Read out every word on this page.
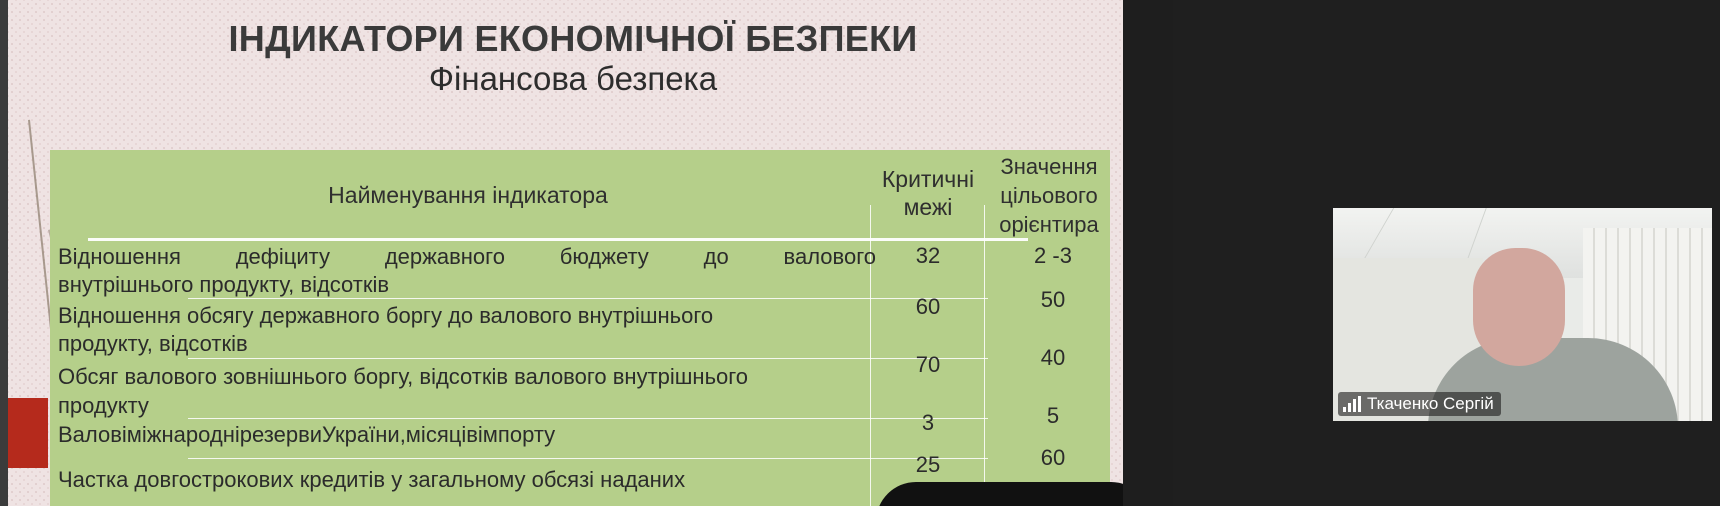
ІНДИКАТОРИ ЕКОНОМІЧНОЇ БЕЗПЕКИ
Фінансова безпека
Найменування індикатора
Критичні
межі
Значення
цільового
орієнтира
Відношення дефіциту державного бюджету до валового
внутрішнього продукту, відсотків
32	2 -3
Відношення обсягу державного боргу до валового внутрішнього
продукту, відсотків
60	50
Обсяг валового зовнішнього боргу, відсотків валового внутрішнього
продукту
70	40
ВаловіміжнароднірезервиУкраїни,місяцівімпорту	3	5
Частка довгострокових кредитів у загальному обсязі наданих
25	60
Ткаченко Сергій
